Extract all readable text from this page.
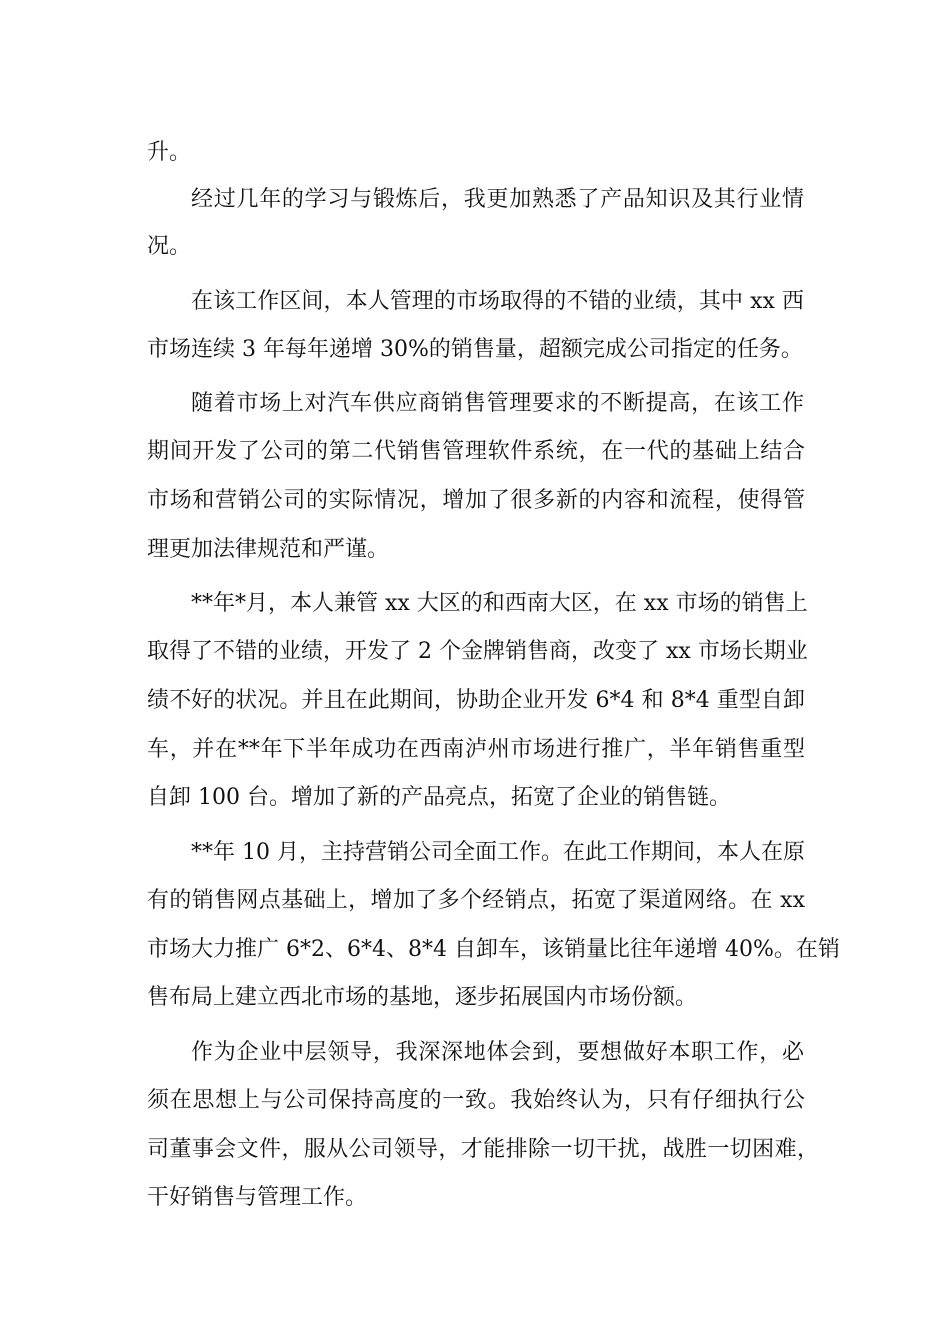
升。
经过几年的学习与锻炼后，我更加熟悉了产品知识及其行业情
况。
在该工作区间，本人管理的市场取得的不错的业绩，其中 xx 西
市场连续 3 年每年递增 30%的销售量，超额完成公司指定的任务。
随着市场上对汽车供应商销售管理要求的不断提高，在该工作
期间开发了公司的第二代销售管理软件系统，在一代的基础上结合
市场和营销公司的实际情况，增加了很多新的内容和流程，使得管
理更加法律规范和严谨。
**年*月，本人兼管 xx 大区的和西南大区，在 xx 市场的销售上
取得了不错的业绩，开发了 2 个金牌销售商，改变了 xx 市场长期业
绩不好的状况。并且在此期间，协助企业开发 6*4 和 8*4 重型自卸
车，并在**年下半年成功在西南泸州市场进行推广，半年销售重型
自卸 100 台。增加了新的产品亮点，拓宽了企业的销售链。
**年 10 月，主持营销公司全面工作。在此工作期间，本人在原
有的销售网点基础上，增加了多个经销点，拓宽了渠道网络。在 xx
市场大力推广 6*2、6*4、8*4 自卸车，该销量比往年递增 40%。在销
售布局上建立西北市场的基地，逐步拓展国内市场份额。
作为企业中层领导，我深深地体会到，要想做好本职工作，必
须在思想上与公司保持高度的一致。我始终认为，只有仔细执行公
司董事会文件，服从公司领导，才能排除一切干扰，战胜一切困难，
干好销售与管理工作。
